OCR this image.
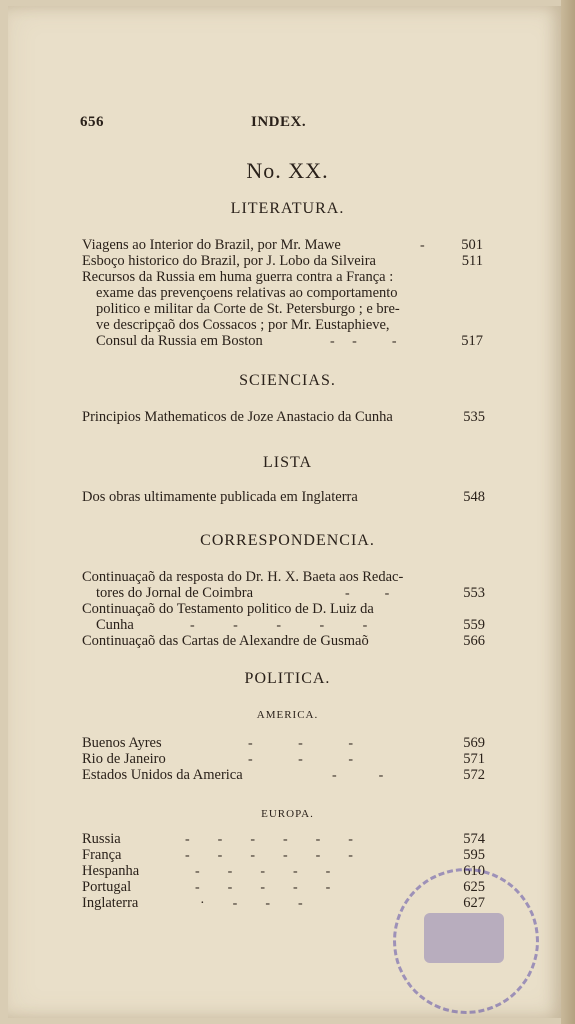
656	INDEX.
No. XX.
LITERATURA.
Viagens ao Interior do Brazil, por Mr. Mawe	-	501
Esboço historico do Brazil, por J. Lobo da Silveira	511
Recursos da Russia em huma guerra contra a França :
exame das prevençoens relativas ao comportamento
politico e militar da Corte de St. Petersburgo ; e bre-
ve descripçaõ dos Cossacos ; por Mr. Eustaphieve,
Consul da Russia em Boston	-     -          -	517
SCIENCIAS.
Principios Mathematicos de Joze Anastacio da Cunha	535
LISTA
Dos obras ultimamente publicada em Inglaterra	548
CORRESPONDENCIA.
Continuaçaõ da resposta do Dr. H. X. Baeta aos Redac-
tores do Jornal de Coimbra	-          -	553
Continuaçaõ do Testamento politico de D. Luiz da
Cunha	-           -           -           -           -	559
Continuaçaõ das Cartas de Alexandre de Gusmaõ	566
POLITICA.
AMERICA.
Buenos Ayres	-             -             -	569
Rio de Janeiro	-             -             -	571
Estados Unidos da America	-            -	572
EUROPA.
Russia	-        -        -        -        -        -	574
França	-        -        -        -        -        -	595
Hespanha	-        -        -        -        -	610
Portugal	-        -        -        -        -	625
Inglaterra	·        -        -        -	627
